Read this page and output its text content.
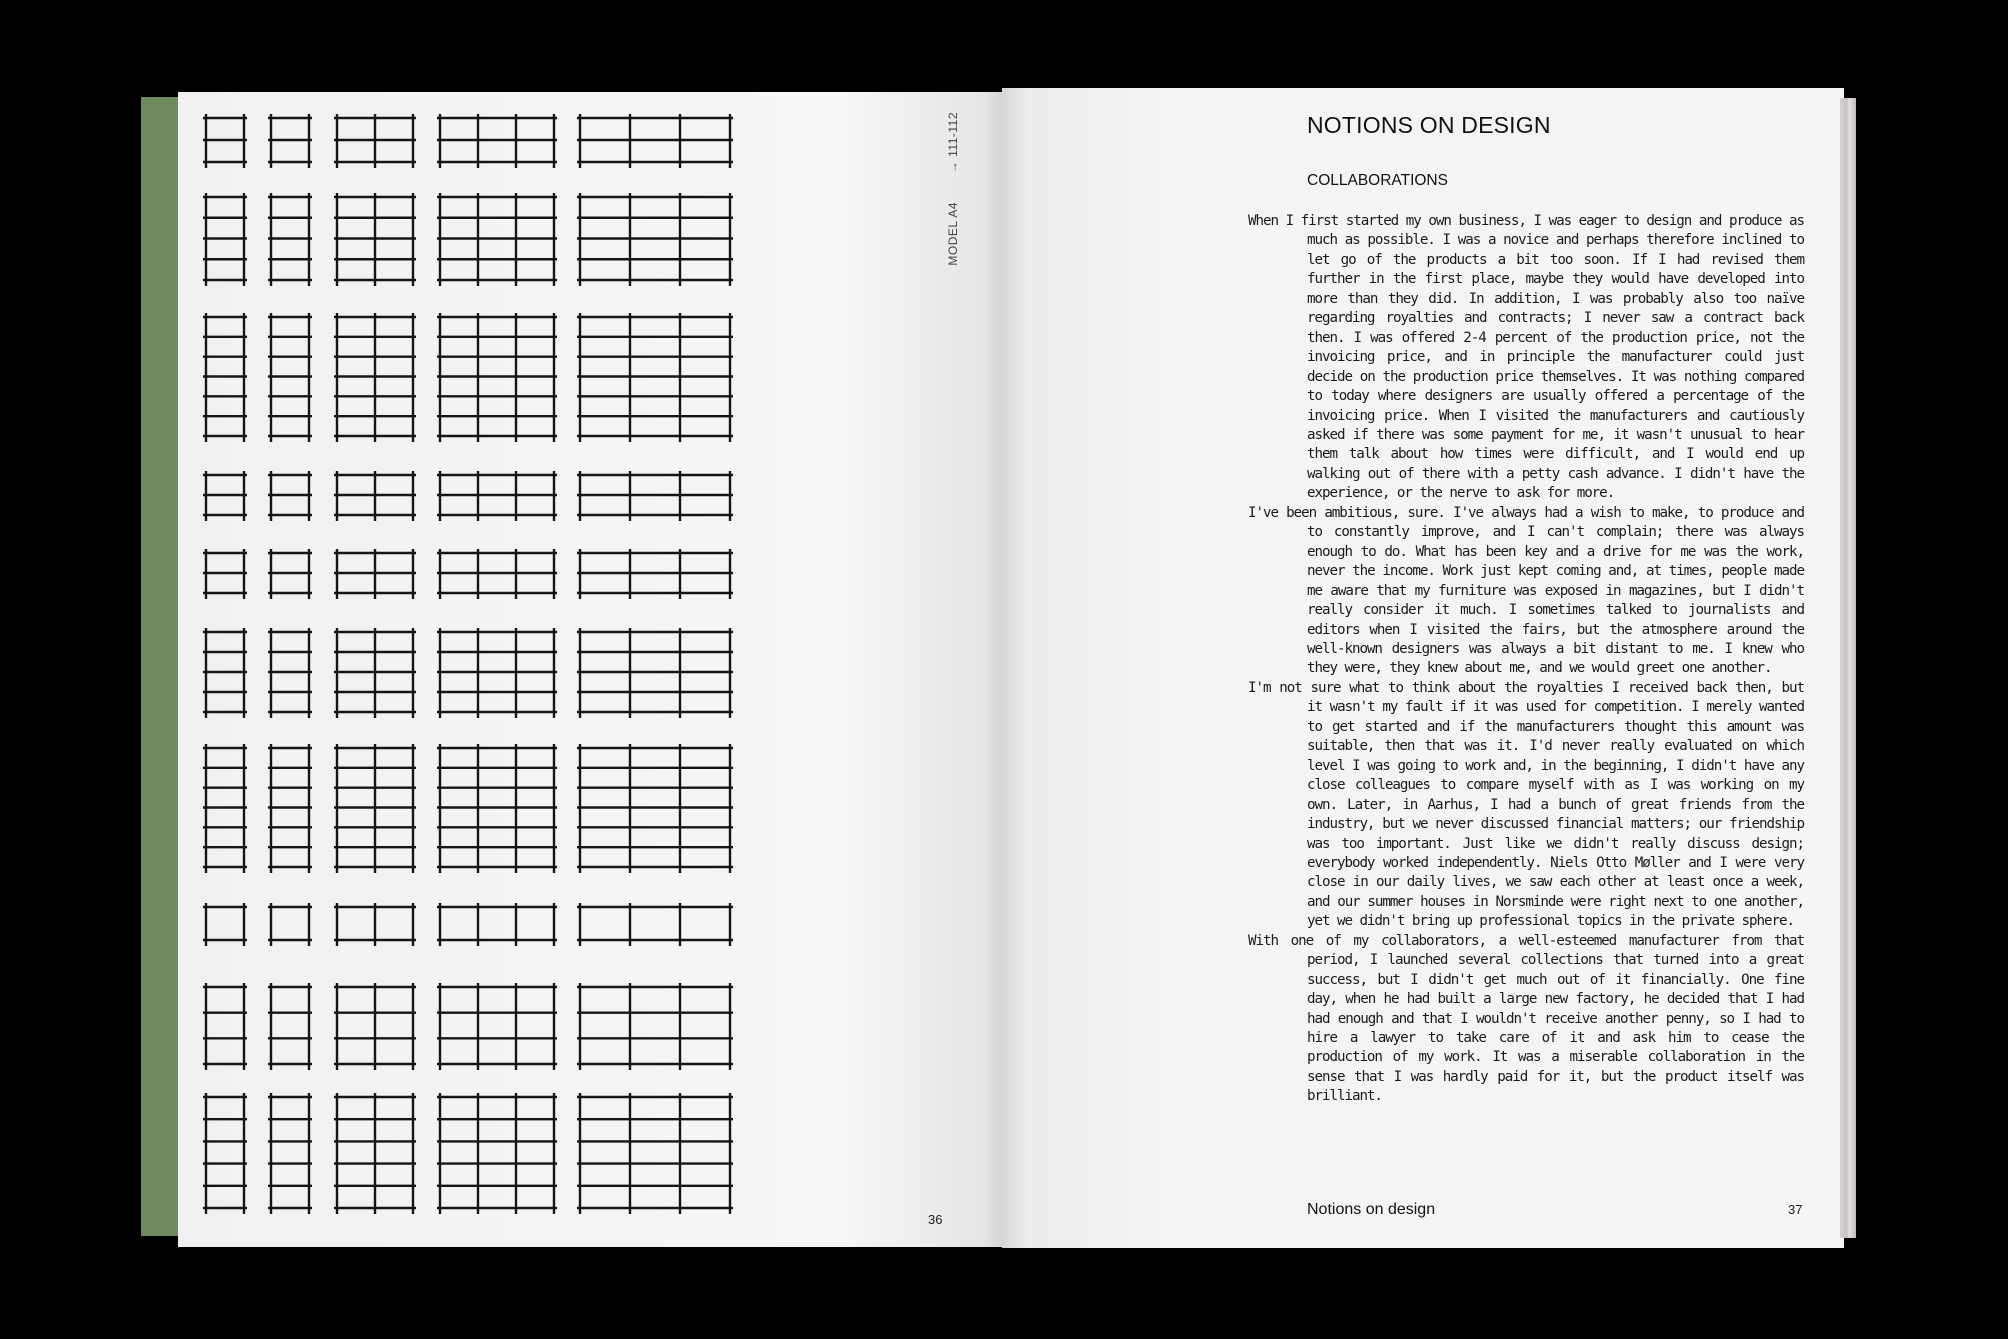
→ 111-112
MODEL A4
36
NOTIONS ON DESIGN
COLLABORATIONS

When I first started my own business, I was eager to design and produce as much as possible. I was a novice and perhaps therefore inclined to let go of the products a bit too soon. If I had revised them further in the first place, maybe they would have developed into more than they did. In addition, I was probably also too naïve regarding royalties and contracts; I never saw a contract back then. I was offered 2-4 percent of the production price, not the invoicing price, and in principle the manufacturer could just decide on the production price themselves. It was nothing compared to today where designers are usually offered a percentage of the invoicing price. When I visited the manufacturers and cautiously asked if there was some payment for me, it wasn't unusual to hear them talk about how times were difficult, and I would end up walking out of there with a petty cash advance. I didn't have the experience, or the nerve to ask for more.

I've been ambitious, sure. I've always had a wish to make, to produce and to constantly improve, and I can't complain; there was always enough to do. What has been key and a drive for me was the work, never the income. Work just kept coming and, at times, people made me aware that my furniture was exposed in magazines, but I didn't really consider it much. I sometimes talked to journalists and editors when I visited the fairs, but the atmosphere around the well-known designers was always a bit distant to me. I knew who they were, they knew about me, and we would greet one another.

I'm not sure what to think about the royalties I received back then, but it wasn't my fault if it was used for competition. I merely wanted to get started and if the manufacturers thought this amount was suitable, then that was it. I'd never really evaluated on which level I was going to work and, in the beginning, I didn't have any close colleagues to compare myself with as I was working on my own. Later, in Aarhus, I had a bunch of great friends from the industry, but we never discussed financial matters; our friendship was too important. Just like we didn't really discuss design; everybody worked independently. Niels Otto Møller and I were very close in our daily lives, we saw each other at least once a week, and our summer houses in Norsminde were right next to one another, yet we didn't bring up professional topics in the private sphere.

With one of my collaborators, a well-esteemed manufacturer from that period, I launched several collections that turned into a great success, but I didn't get much out of it financially. One fine day, when he had built a large new factory, he decided that I had had enough and that I wouldn't receive another penny, so I had to hire a lawyer to take care of it and ask him to cease the production of my work. It was a miserable collaboration in the sense that I was hardly paid for it, but the product itself was brilliant.

Notions on design	37
